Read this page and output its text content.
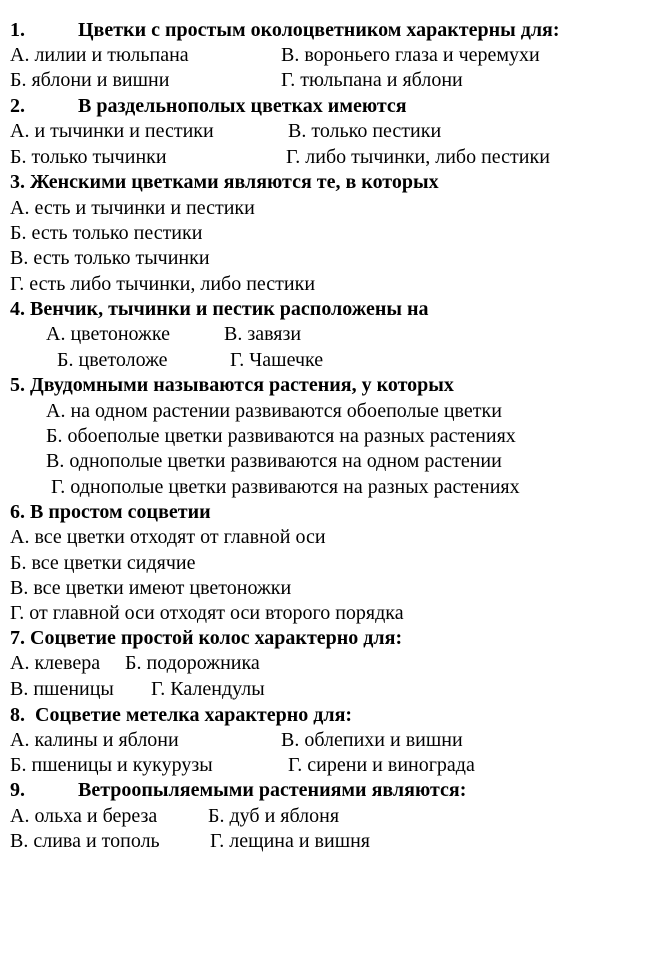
1.	Цветки с простым околоцветником характерны для:
А. лилии и тюльпана	В. вороньего глаза и черемухи
Б. яблони и вишни	Г. тюльпана и яблони
2.	В раздельнополых цветках имеются
А. и тычинки и пестики	В. только пестики
Б. только тычинки	Г. либо тычинки, либо пестики
3. Женскими цветками являются те, в которых
А. есть и тычинки и пестики
Б. есть только пестики
В. есть только тычинки
Г. есть либо тычинки, либо пестики
4. Венчик, тычинки и пестик расположены на
А. цветоножке	В. завязи
Б. цветоложе	Г. Чашечке
5. Двудомными называются растения, у которых
А. на одном растении развиваются обоеполые цветки
Б. обоеполые цветки развиваются на разных растениях
В. однополые цветки развиваются на одном растении
Г. однополые цветки развиваются на разных растениях
6. В простом соцветии
А. все цветки отходят от главной оси
Б. все цветки сидячие
В. все цветки имеют цветоножки
Г. от главной оси отходят оси второго порядка
7. Соцветие простой колос характерно для:
А. клевера Б. подорожника
В. пшеницы Г. Календулы
8. Соцветие метелка характерно для:
А. калины и яблони	В. облепихи и вишни
Б. пшеницы и кукурузы	Г. сирени и винограда
9.	Ветроопыляемыми растениями являются:
А. ольха и береза	Б. дуб и яблоня
В. слива и тополь	Г. лещина и вишня
